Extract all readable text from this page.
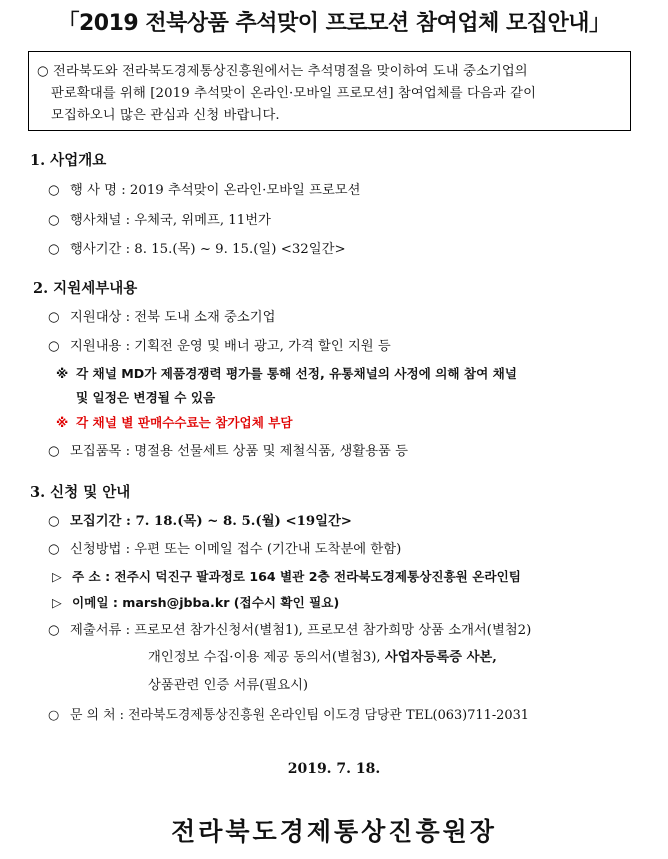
「2019 전북상품 추석맞이 프로모션 참여업체 모집안내」
○ 전라북도와 전라북도경제통상진흥원에서는 추석명절을 맞이하여 도내 중소기업의
판로확대를 위해 [2019 추석맞이 온라인·모바일 프로모션] 참여업체를 다음과 같이
모집하오니 많은 관심과 신청 바랍니다.
1. 사업개요
○ 행 사 명 : 2019 추석맞이 온라인·모바일 프로모션
○ 행사채널 : 우체국, 위메프, 11번가
○ 행사기간 : 8. 15.(목) ~ 9. 15.(일) <32일간>
2. 지원세부내용
○ 지원대상 : 전북 도내 소재 중소기업
○ 지원내용 : 기획전 운영 및 배너 광고, 가격 할인 지원 등
※ 각 채널 MD가 제품경쟁력 평가를 통해 선정, 유통채널의 사정에 의해 참여 채널
및 일정은 변경될 수 있음
※ 각 채널 별 판매수수료는 참가업체 부담
○ 모집품목 : 명절용 선물세트 상품 및 제철식품, 생활용품 등
3. 신청 및 안내
○ 모집기간 : 7. 18.(목) ~ 8. 5.(월) <19일간>
○ 신청방법 : 우편 또는 이메일 접수 (기간내 도착분에 한함)
▷ 주 소 : 전주시 덕진구 팔과정로 164 별관 2층 전라북도경제통상진흥원 온라인팀
▷ 이메일 : marsh@jbba.kr (접수시 확인 필요)
○ 제출서류 : 프로모션 참가신청서(별첨1), 프로모션 참가희망 상품 소개서(별첨2)
개인정보 수집·이용 제공 동의서(별첨3), 사업자등록증 사본,
상품관련 인증 서류(필요시)
○ 문 의 처 : 전라북도경제통상진흥원 온라인팀 이도경 담당관 TEL(063)711-2031
2019. 7. 18.
전라북도경제통상진흥원장
